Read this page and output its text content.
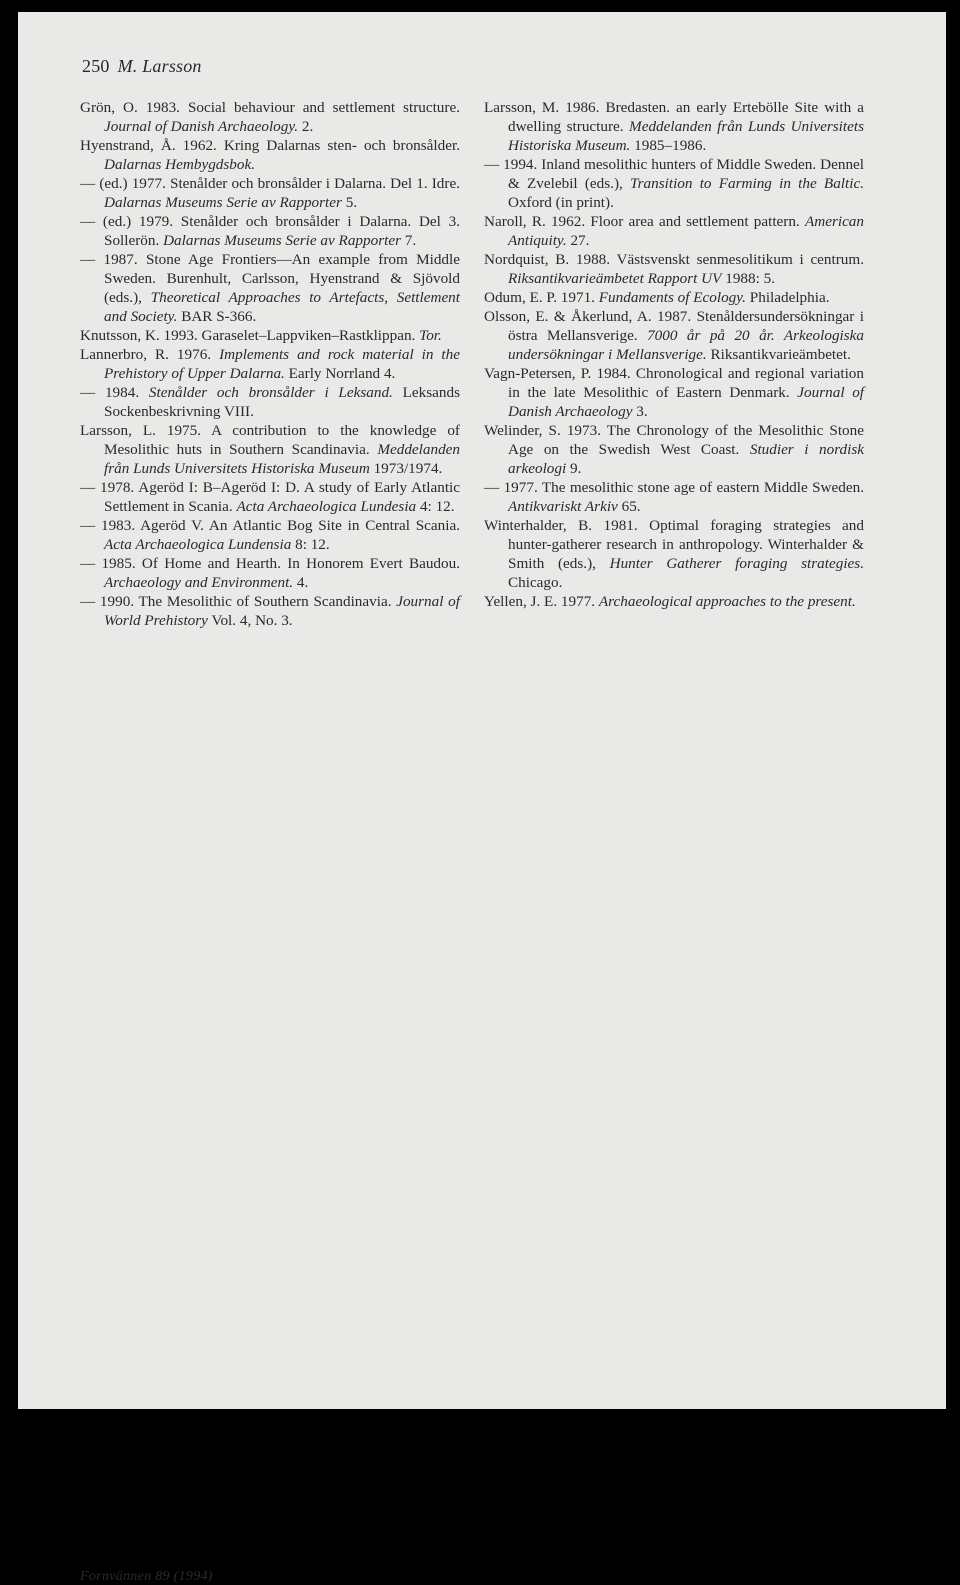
250 M. Larsson

Grön, O. 1983. Social behaviour and settlement structure. Journal of Danish Archaeology. 2.

Hyenstrand, Å. 1962. Kring Dalarnas sten- och bronsålder. Dalarnas Hembygdsbok.

— (ed.) 1977. Stenålder och bronsålder i Dalarna. Del 1. Idre. Dalarnas Museums Serie av Rapporter 5.

— (ed.) 1979. Stenålder och bronsålder i Dalarna. Del 3. Sollerön. Dalarnas Museums Serie av Rapporter 7.

— 1987. Stone Age Frontiers—An example from Middle Sweden. Burenhult, Carlsson, Hyenstrand & Sjövold (eds.), Theoretical Approaches to Artefacts, Settlement and Society. BAR S-366.

Knutsson, K. 1993. Garaselet–Lappviken–Rastklippan. Tor.

Lannerbro, R. 1976. Implements and rock material in the Prehistory of Upper Dalarna. Early Norrland 4.

— 1984. Stenålder och bronsålder i Leksand. Leksands Sockenbeskrivning VIII.

Larsson, L. 1975. A contribution to the knowledge of Mesolithic huts in Southern Scandinavia. Meddelanden från Lunds Universitets Historiska Museum 1973/1974.

— 1978. Ageröd I: B–Ageröd I: D. A study of Early Atlantic Settlement in Scania. Acta Archaeologica Lundesia 4: 12.

— 1983. Ageröd V. An Atlantic Bog Site in Central Scania. Acta Archaeologica Lundensia 8: 12.

— 1985. Of Home and Hearth. In Honorem Evert Baudou. Archaeology and Environment. 4.

— 1990. The Mesolithic of Southern Scandinavia. Journal of World Prehistory Vol. 4, No. 3.

Larsson, M. 1986. Bredasten. an early Ertebölle Site with a dwelling structure. Meddelanden från Lunds Universitets Historiska Museum. 1985–1986.

— 1994. Inland mesolithic hunters of Middle Sweden. Dennel & Zvelebil (eds.), Transition to Farming in the Baltic. Oxford (in print).

Naroll, R. 1962. Floor area and settlement pattern. American Antiquity. 27.

Nordquist, B. 1988. Västsvenskt senmesolitikum i centrum. Riksantikvarieämbetet Rapport UV 1988: 5.

Odum, E. P. 1971. Fundaments of Ecology. Philadelphia.

Olsson, E. & Åkerlund, A. 1987. Stenåldersundersökningar i östra Mellansverige. 7000 år på 20 år. Arkeologiska undersökningar i Mellansverige. Riksantikvarieämbetet.

Vagn-Petersen, P. 1984. Chronological and regional variation in the late Mesolithic of Eastern Denmark. Journal of Danish Archaeology 3.

Welinder, S. 1973. The Chronology of the Mesolithic Stone Age on the Swedish West Coast. Studier i nordisk arkeologi 9.

— 1977. The mesolithic stone age of eastern Middle Sweden. Antikvariskt Arkiv 65.

Winterhalder, B. 1981. Optimal foraging strategies and hunter-gatherer research in anthropology. Winterhalder & Smith (eds.), Hunter Gatherer foraging strategies. Chicago.

Yellen, J. E. 1977. Archaeological approaches to the present.

Fornvännen 89 (1994)
